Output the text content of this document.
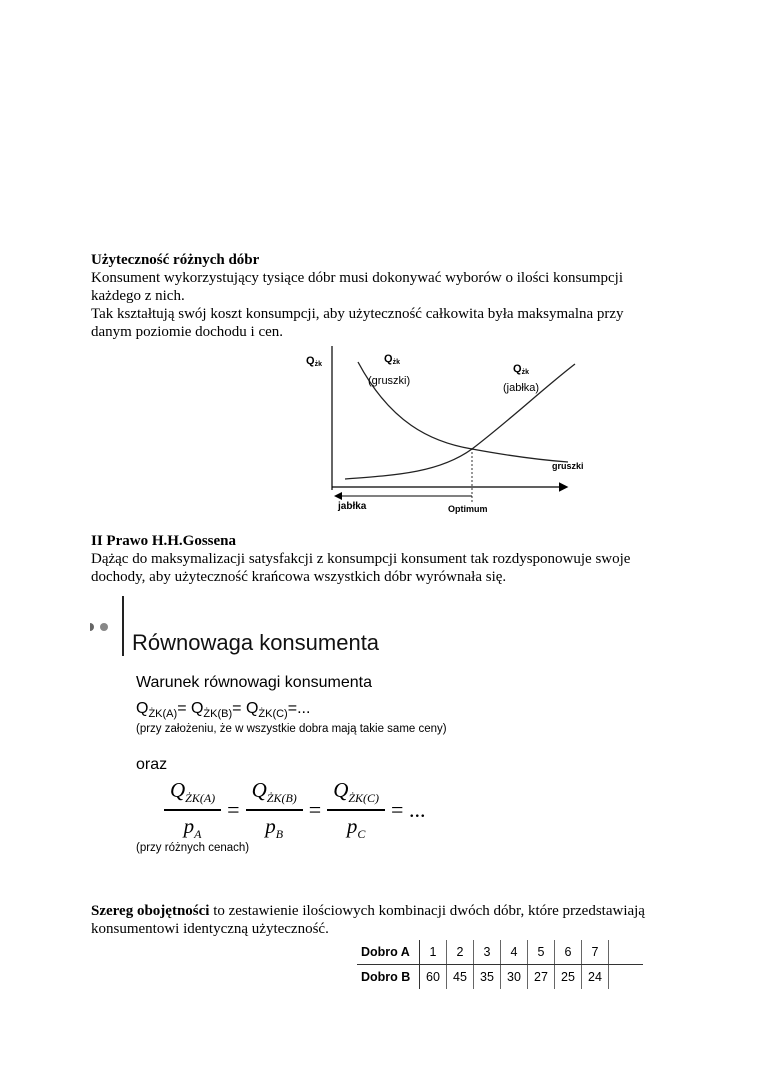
Użyteczność różnych dóbr
Konsument wykorzystujący tysiące dóbr musi dokonywać wyborów o ilości konsumpcji
każdego z nich.
Tak kształtują swój koszt konsumpcji, aby użyteczność całkowita była maksymalna przy
danym poziomie dochodu i cen.
Qżk	Qżk
(gruszki)
Qżk
(jabłka)
gruszki
jabłka	Optimum
II Prawo H.H.Gossena
Dążąc do maksymalizacji satysfakcji z konsumpcji konsument tak rozdysponowuje swoje
dochody, aby użyteczność krańcowa wszystkich dóbr wyrównała się.
Równowaga konsumenta
Warunek równowagi konsumenta
$Q_{ŻK(A)}= Q_{ŻK(B)}= Q_{ŻK(C)}=$...
(przy założeniu, że w wszystkie dobra mają takie same ceny)
oraz
$\frac{Q_{ŻK(A)}}{p_A} = \frac{Q_{ŻK(B)}}{p_B} = \frac{Q_{ŻK(C)}}{p_C}$ = ...
(przy różnych cenach)
Szereg obojętności to zestawienie ilościowych kombinacji dwóch dóbr, które przedstawiają
konsumentowi identyczną użyteczność.
Dobro A	1	2	3	4	5	6	7	
Dobro B	60	45	35	30	27	25	24	
